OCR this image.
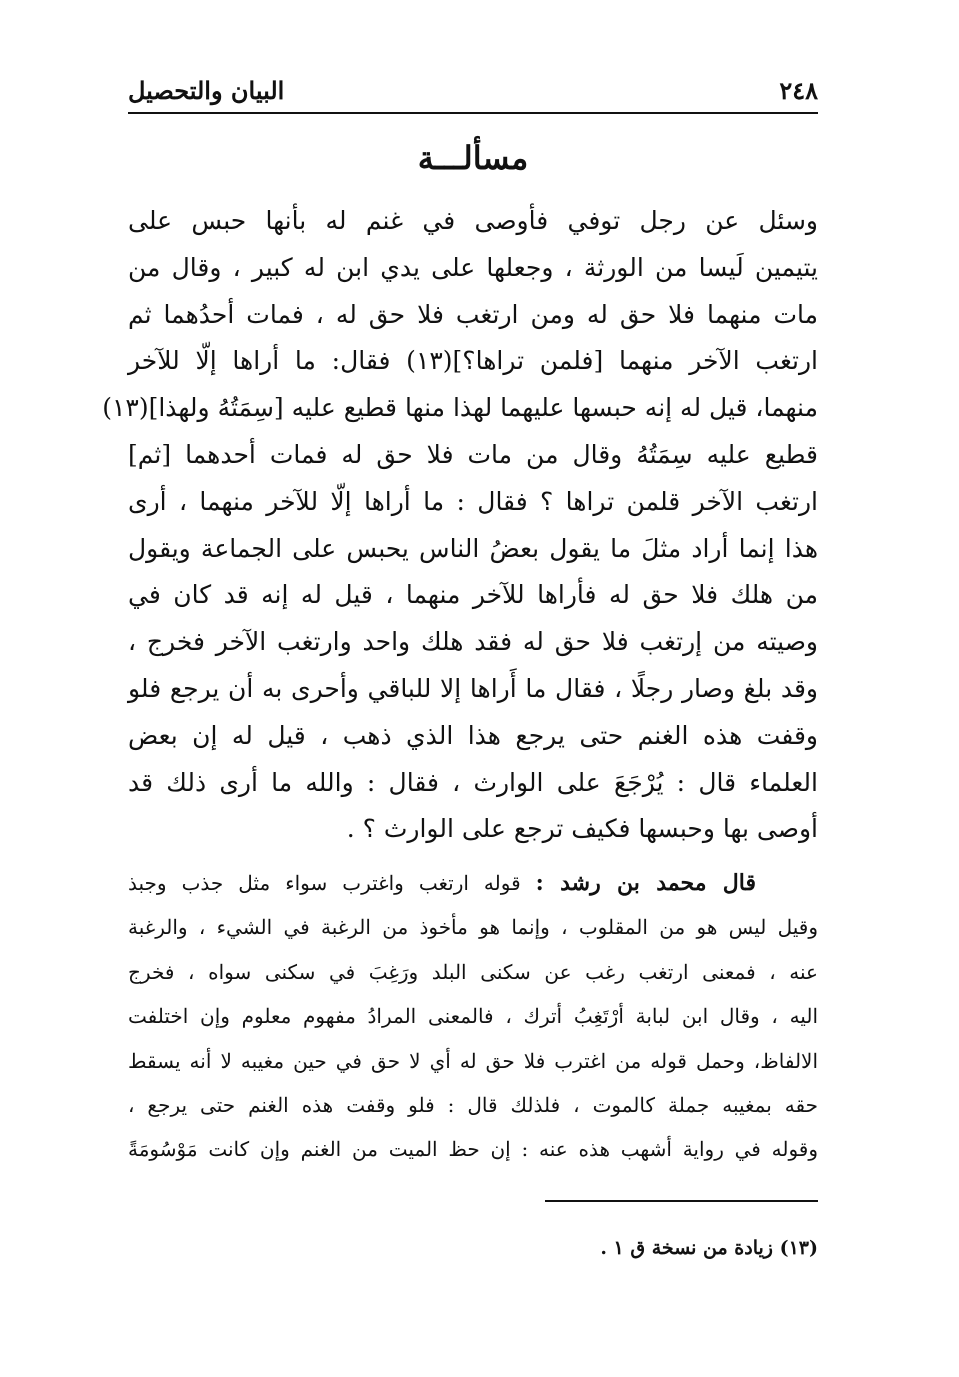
٢٤٨
البيان والتحصيل
مسألـــة
وسئل عن رجل توفي فأوصى في غنم له بأنها حبس على
يتيمين لَيسا من الورثة ، وجعلها على يدي ابن له كبير ، وقال من
مات منهما فلا حق له ومن ارتغب فلا حق له ، فمات أحدُهما ثم
ارتغب الآخر منهما [فلمن تراها؟](١٣) فقال: ما أراها إلّا للآخر
منهما، قيل له إنه حبسها عليهما لهذا منها قطيع عليه [سِمَتُهُ ولهذا](١٣)
قطيع عليه سِمَتُهُ وقال من مات فلا حق له فمات أحدهما [ثم]
ارتغب الآخر قلمن تراها ؟ فقال : ما أراها إلّا للآخر منهما ، أرى
هذا إنما أراد مثلَ ما يقول بعضُ الناس يحبس على الجماعة ويقول
من هلك فلا حق له فأراها للآخر منهما ، قيل له إنه قد كان في
وصيته من إرتغب فلا حق له فقد هلك واحد وارتغب الآخر فخرج ،
وقد بلغ وصار رجلًا ، فقال ما أَراها إلا للباقي وأحرى به أن يرجع فلو
وقفت هذه الغنم حتى يرجع هذا الذي ذهب ، قيل له إن بعض
العلماء قال : يُرْجَعَ على الوارث ، فقال : والله ما أرى ذلك قد
أوصى بها وحبسها فكيف ترجع على الوارث ؟ .
قال محمد بن رشد : قوله ارتغب واغترب سواء مثل جذب وجبذ
وقيل ليس هو من المقلوب ، وإنما هو مأخوذ من الرغبة في الشيء ، والرغبة
عنه ، فمعنى ارتغب رغب عن سكنى البلد ورَغِبَ في سكنى سواه ، فخرج
اليه ، وقال ابن لبابة أرْتَغِبُ أترك ، فالمعنى المرادُ مفهوم معلوم وإن اختلفت
الالفاظ، وحمل قوله من اغترب فلا حق له أي لا حق في حين مغيبه لا أنه يسقط
حقه بمغيبه جملة كالموت ، فلذلك قال : فلو وقفت هذه الغنم حتى يرجع ،
وقوله في رواية أشهب هذه عنه : إن حظ الميت من الغنم وإن كانت مَوْسُومَةً
(١٣) زيادة من نسخة ق ١ .
